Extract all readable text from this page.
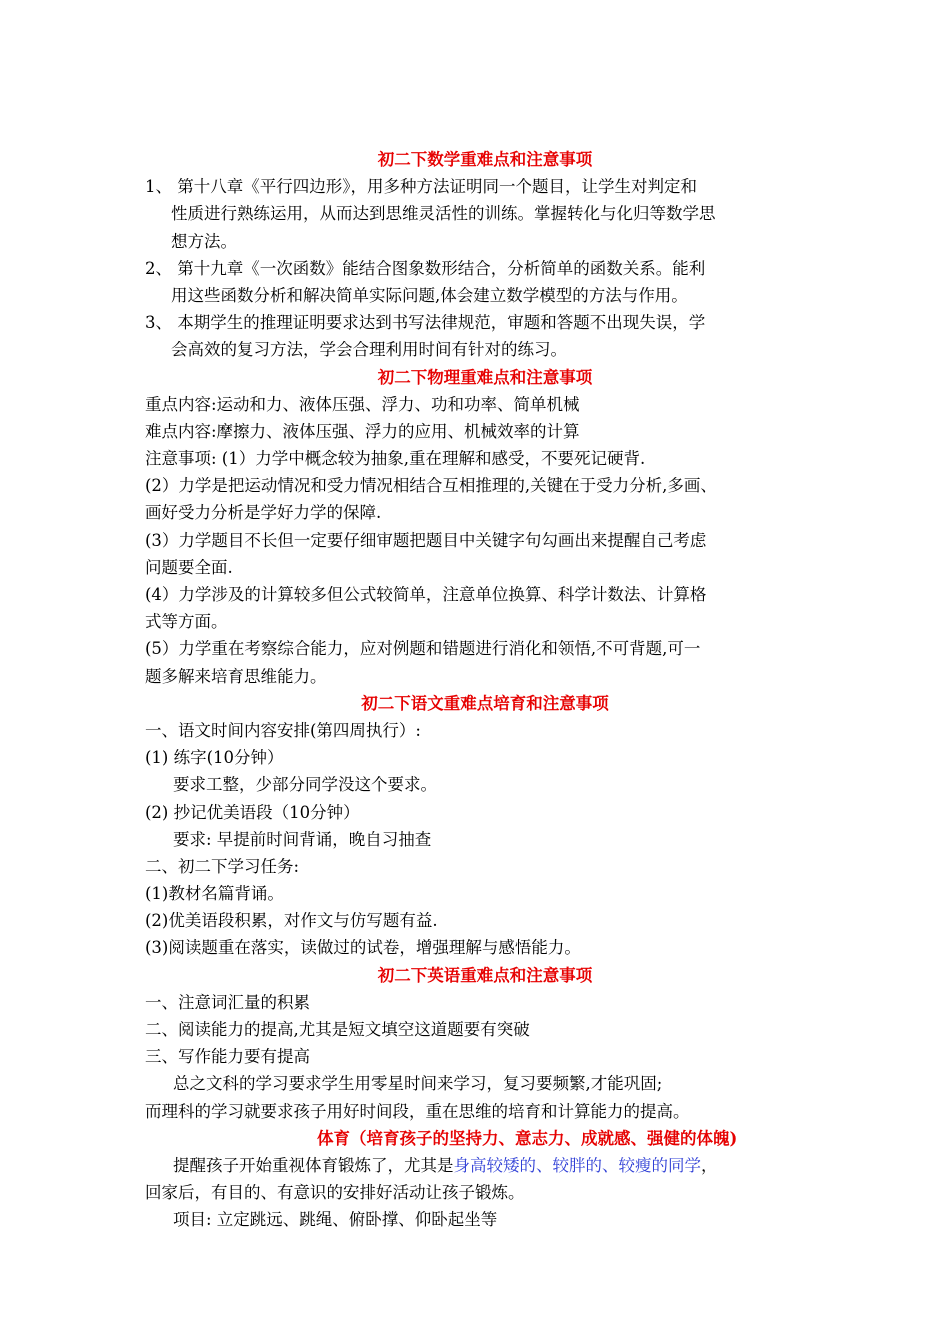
初二下数学重难点和注意事项
1、 第十八章《平行四边形》，用多种方法证明同一个题目，让学生对判定和
性质进行熟练运用，从而达到思维灵活性的训练。掌握转化与化归等数学思
想方法。
2、 第十九章《一次函数》能结合图象数形结合，分析简单的函数关系。能利
用这些函数分析和解决简单实际问题,体会建立数学模型的方法与作用。
3、 本期学生的推理证明要求达到书写法律规范，审题和答题不出现失误，学
会高效的复习方法，学会合理利用时间有针对的练习。
初二下物理重难点和注意事项
重点内容:运动和力、液体压强、浮力、功和功率、简单机械
难点内容:摩擦力、液体压强、浮力的应用、机械效率的计算
注意事项: (1）力学中概念较为抽象,重在理解和感受，不要死记硬背.
(2）力学是把运动情况和受力情况相结合互相推理的,关键在于受力分析,多画、
画好受力分析是学好力学的保障.
(3）力学题目不长但一定要仔细审题把题目中关键字句勾画出来提醒自己考虑
问题要全面.
(4）力学涉及的计算较多但公式较简单，注意单位换算、科学计数法、计算格
式等方面。
(5）力学重在考察综合能力，应对例题和错题进行消化和领悟,不可背题,可一
题多解来培育思维能力。
初二下语文重难点培育和注意事项
一、语文时间内容安排(第四周执行）:
(1) 练字(10分钟）
要求工整，少部分同学没这个要求。
(2) 抄记优美语段（10分钟）
要求: 早提前时间背诵，晚自习抽查
二、初二下学习任务:
(1)教材名篇背诵。
(2)优美语段积累，对作文与仿写题有益.
(3)阅读题重在落实，读做过的试卷，增强理解与感悟能力。
初二下英语重难点和注意事项
一、注意词汇量的积累
二、阅读能力的提高,尤其是短文填空这道题要有突破
三、写作能力要有提高
总之文科的学习要求学生用零星时间来学习，复习要频繁,才能巩固;
而理科的学习就要求孩子用好时间段，重在思维的培育和计算能力的提高。
体育（培育孩子的坚持力、意志力、成就感、强健的体魄)
提醒孩子开始重视体育锻炼了，尤其是身高较矮的、较胖的、较瘦的同学，
回家后，有目的、有意识的安排好活动让孩子锻炼。
项目: 立定跳远、跳绳、俯卧撑、仰卧起坐等
